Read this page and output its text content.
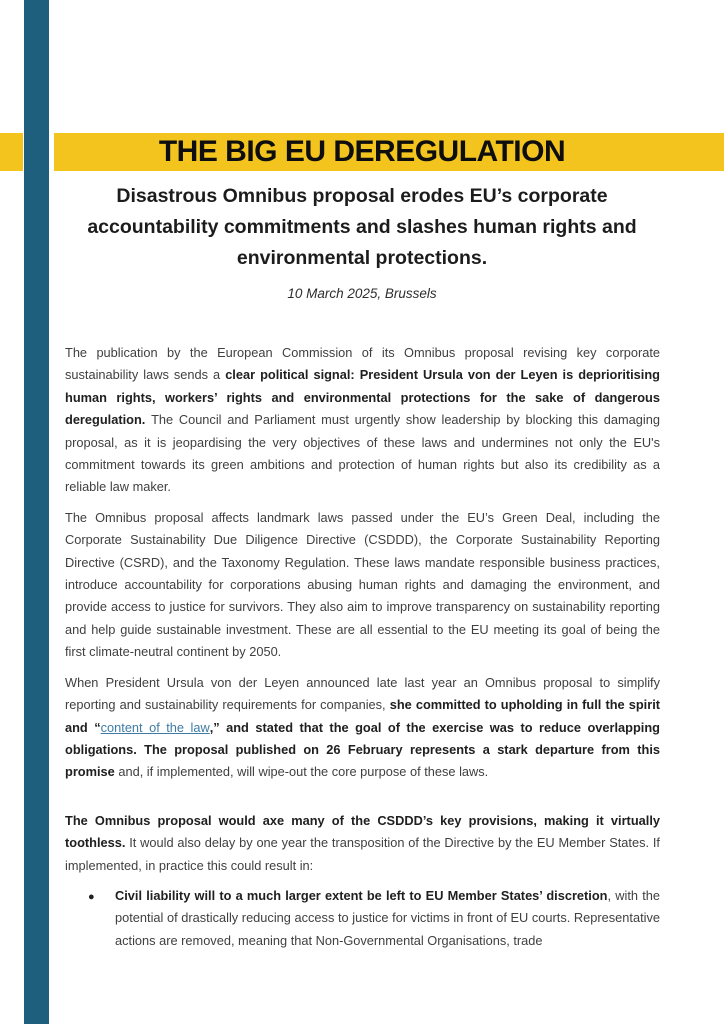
THE BIG EU DEREGULATION
Disastrous Omnibus proposal erodes EU’s corporate accountability commitments and slashes human rights and environmental protections.
10 March 2025, Brussels

The publication by the European Commission of its Omnibus proposal revising key corporate sustainability laws sends a clear political signal: President Ursula von der Leyen is deprioritising human rights, workers’ rights and environmental protections for the sake of dangerous deregulation. The Council and Parliament must urgently show leadership by blocking this damaging proposal, as it is jeopardising the very objectives of these laws and undermines not only the EU's commitment towards its green ambitions and protection of human rights but also its credibility as a reliable law maker.

The Omnibus proposal affects landmark laws passed under the EU’s Green Deal, including the Corporate Sustainability Due Diligence Directive (CSDDD), the Corporate Sustainability Reporting Directive (CSRD), and the Taxonomy Regulation. These laws mandate responsible business practices, introduce accountability for corporations abusing human rights and damaging the environment, and provide access to justice for survivors. They also aim to improve transparency on sustainability reporting and help guide sustainable investment. These are all essential to the EU meeting its goal of being the first climate-neutral continent by 2050.

When President Ursula von der Leyen announced late last year an Omnibus proposal to simplify reporting and sustainability requirements for companies, she committed to upholding in full the spirit and “content of the law,” and stated that the goal of the exercise was to reduce overlapping obligations. The proposal published on 26 February represents a stark departure from this promise and, if implemented, will wipe-out the core purpose of these laws.

The Omnibus proposal would axe many of the CSDDD’s key provisions, making it virtually toothless. It would also delay by one year the transposition of the Directive by the EU Member States. If implemented, in practice this could result in:

● Civil liability will to a much larger extent be left to EU Member States’ discretion, with the potential of drastically reducing access to justice for victims in front of EU courts. Representative actions are removed, meaning that Non-Governmental Organisations, trade
